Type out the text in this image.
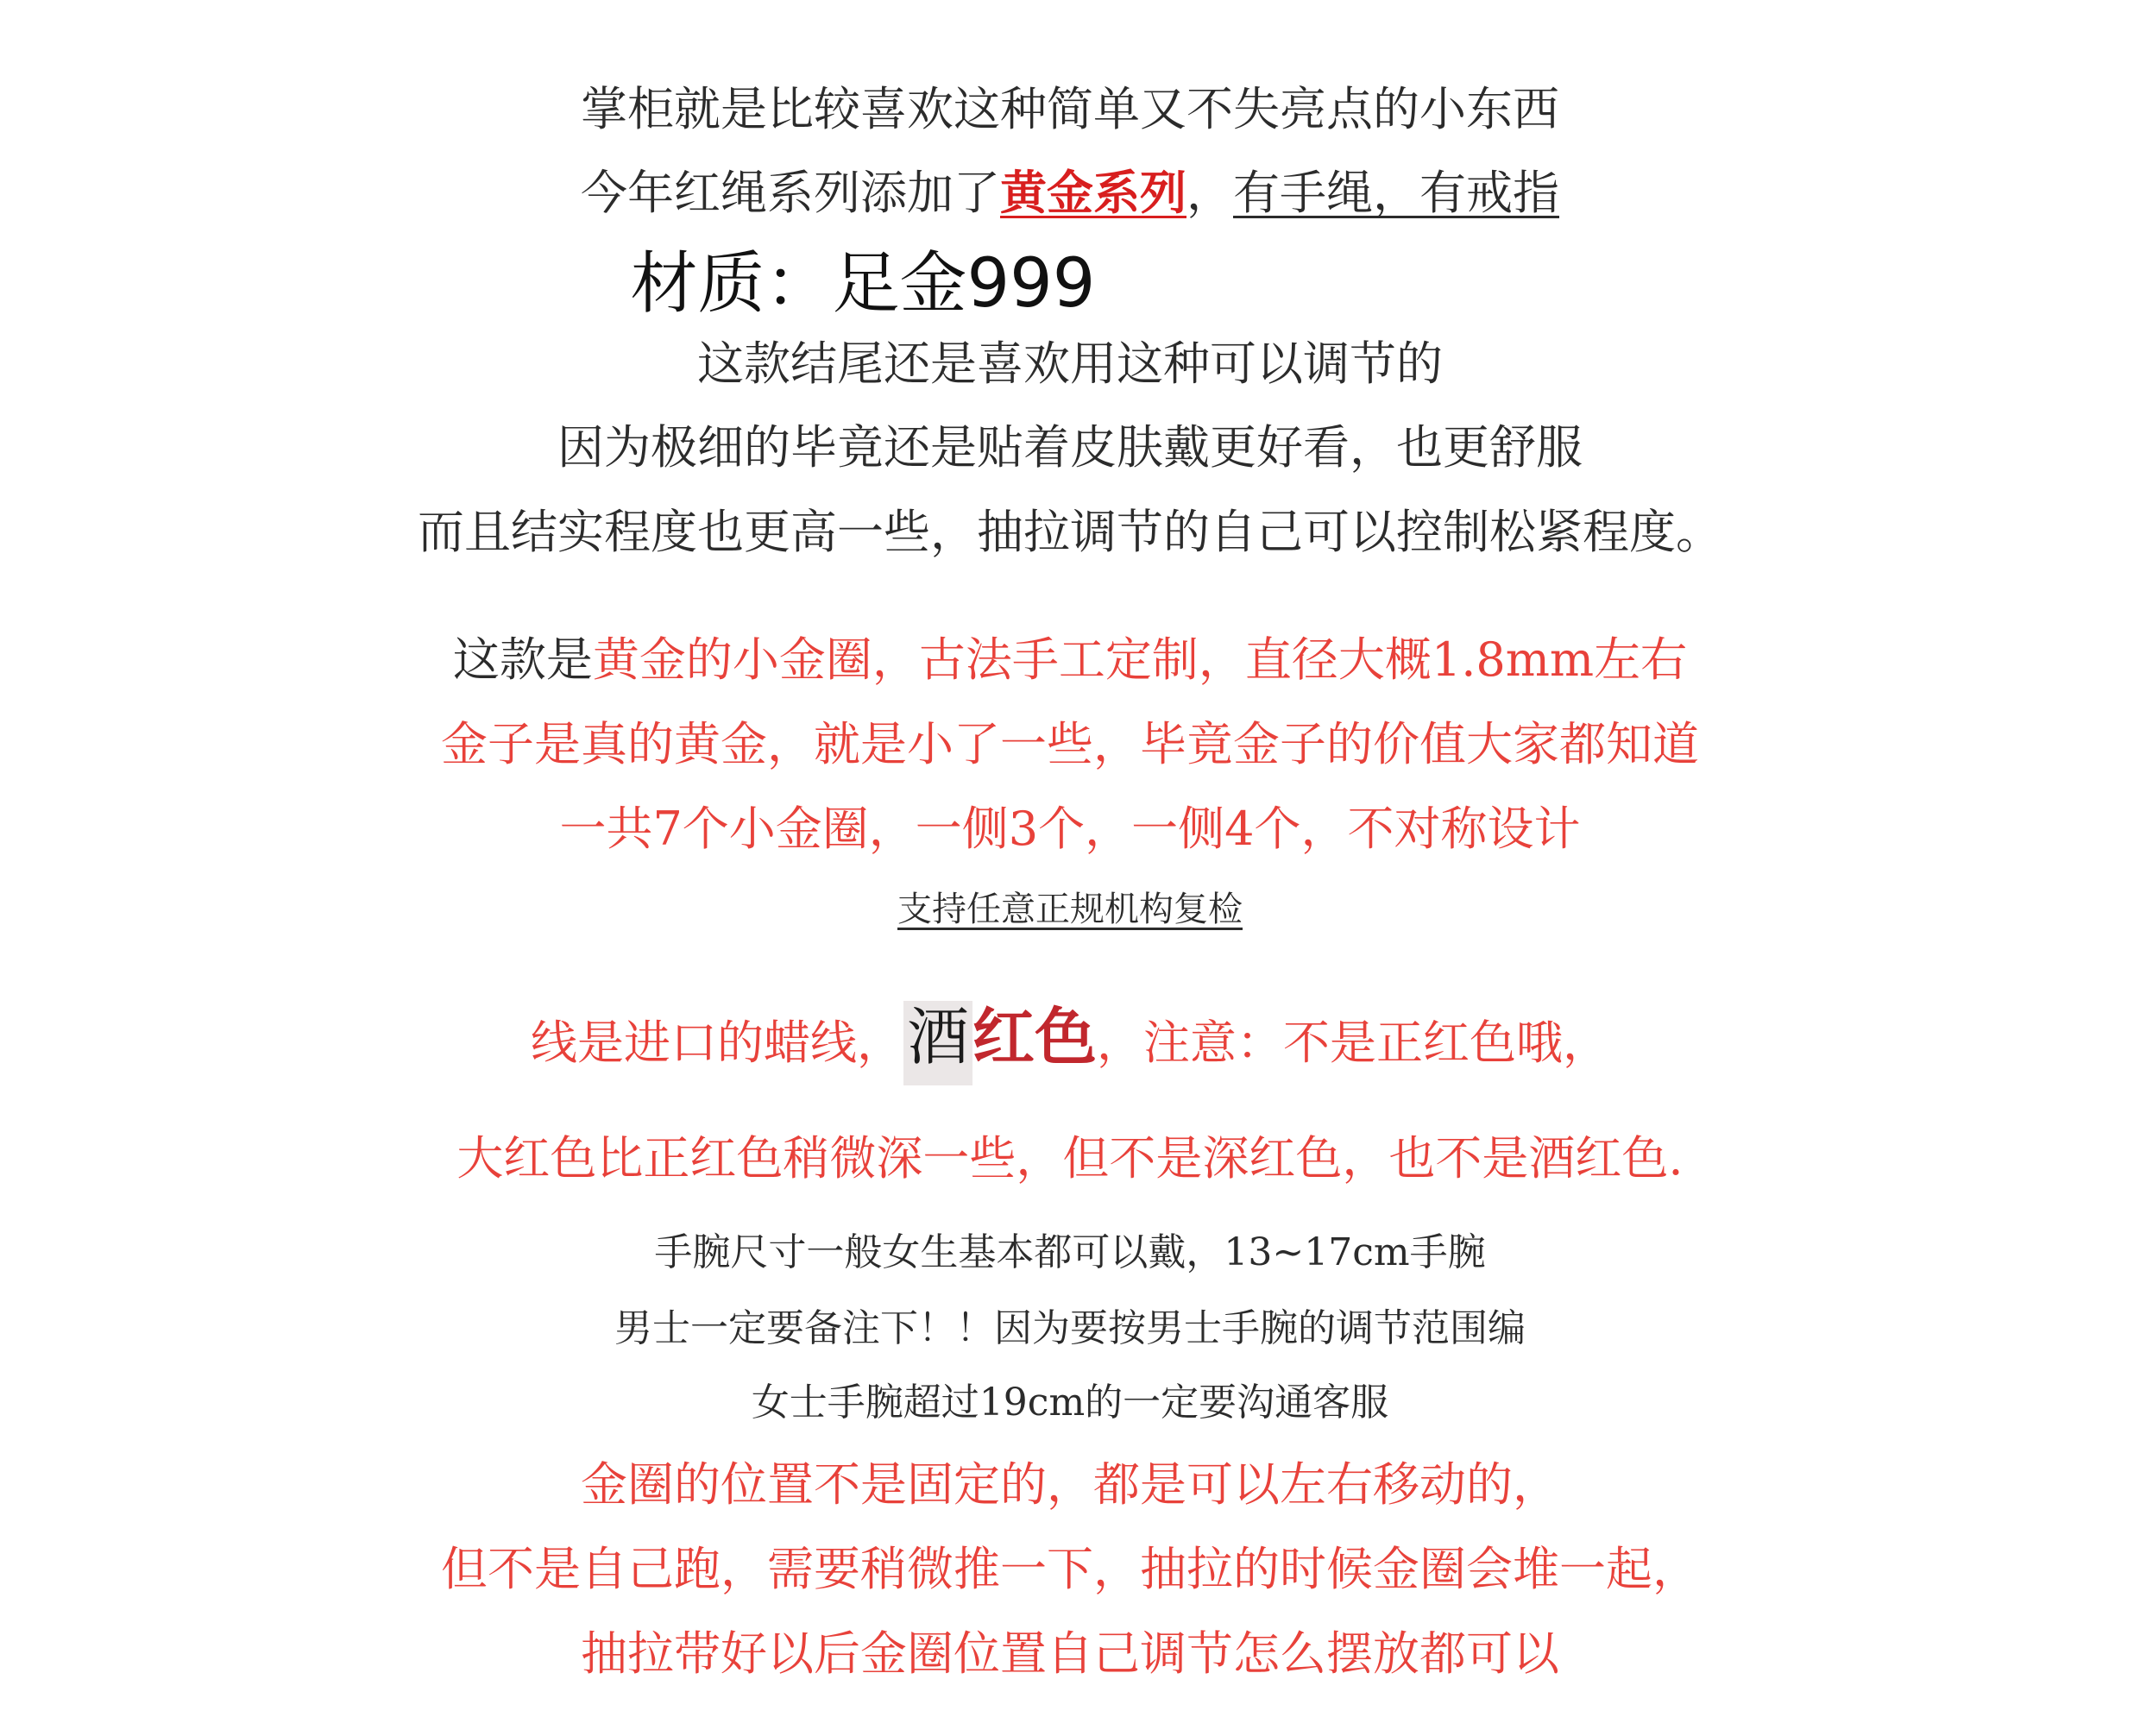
掌柜就是比较喜欢这种简单又不失亮点的小东西
今年红绳系列添加了黄金系列，有手绳，有戒指
材质：足金999
这款结尾还是喜欢用这种可以调节的
因为极细的毕竟还是贴着皮肤戴更好看，也更舒服
而且结实程度也更高一些，抽拉调节的自己可以控制松紧程度。
这款是黄金的小金圈，古法手工定制，直径大概1.8mm左右
金子是真的黄金，就是小了一些，毕竟金子的价值大家都知道
一共7个小金圈，一侧3个，一侧4个，不对称设计
支持任意正规机构复检
线是进口的蜡线，酒红色，注意：不是正红色哦，
大红色比正红色稍微深一些，但不是深红色，也不是酒红色.
手腕尺寸一般女生基本都可以戴，13~17cm手腕
男士一定要备注下！！因为要按男士手腕的调节范围编
女士手腕超过19cm的一定要沟通客服
金圈的位置不是固定的，都是可以左右移动的，
但不是自己跑，需要稍微推一下，抽拉的时候金圈会堆一起，
抽拉带好以后金圈位置自己调节怎么摆放都可以
